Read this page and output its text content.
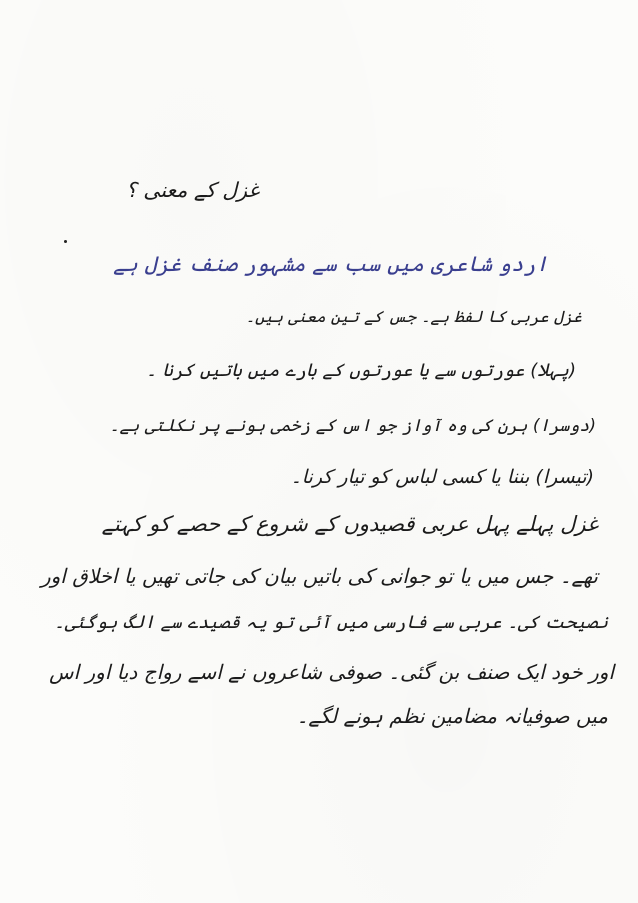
غزل کے معنی ؟
اردو شاعری میں سب سے مشہور صنف غزل ہے
غزل عربی کا لفظ ہے۔ جس کے تین معنی ہیں۔
(پہلا) عورتوں سے یا عورتوں کے بارے میں باتیں کرنا ۔
(دوسرا) ہرن کی وہ آواز جو اس کے زخمی ہونے پر نکلتی ہے۔
(تیسرا) بننا یا کسی لباس کو تیار کرنا۔
غزل پہلے پہل عربی قصیدوں کے شروع کے حصے کو کہتے
تھے۔ جس میں یا تو جوانی کی باتیں بیان کی جاتی تھیں یا اخلاق اور
نصیحت کی۔ عربی سے فارسی میں آئی تو یہ قصیدے سے الگ ہوگئی۔
اور خود ایک صنف بن گئی۔ صوفی شاعروں نے اسے رواج دیا اور اس
میں صوفیانہ مضامین نظم ہونے لگے۔
